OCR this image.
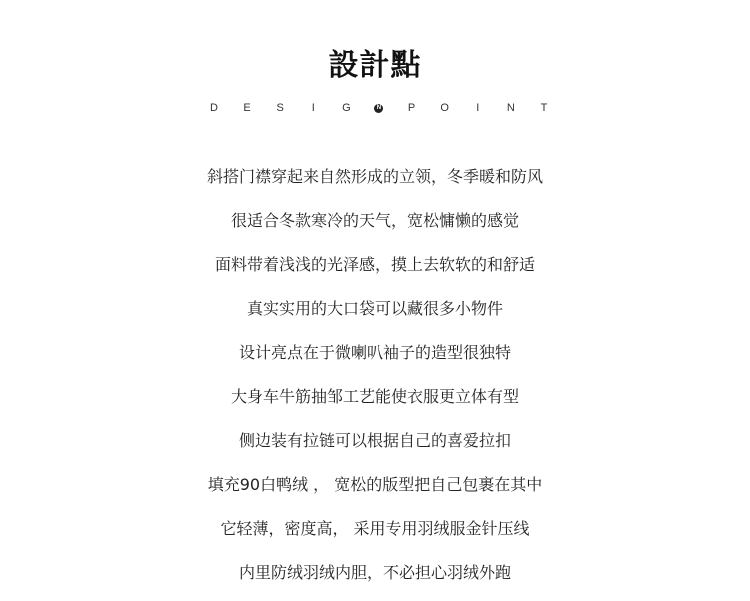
設計點
D E S	I	G	N P O	I	N T
斜搭门襟穿起来自然形成的立领，冬季暖和防风
很适合冬款寒冷的天气，宽松慵懒的感觉
面料带着浅浅的光泽感，摸上去软软的和舒适
真实实用的大口袋可以藏很多小物件
设计亮点在于微喇叭袖子的造型很独特
大身车牛筋抽邹工艺能使衣服更立体有型
侧边装有拉链可以根据自己的喜爱拉扣
填充90白鸭绒 ， 宽松的版型把自己包裹在其中
它轻薄，密度高， 采用专用羽绒服金针压线
内里防绒羽绒内胆，不必担心羽绒外跑
